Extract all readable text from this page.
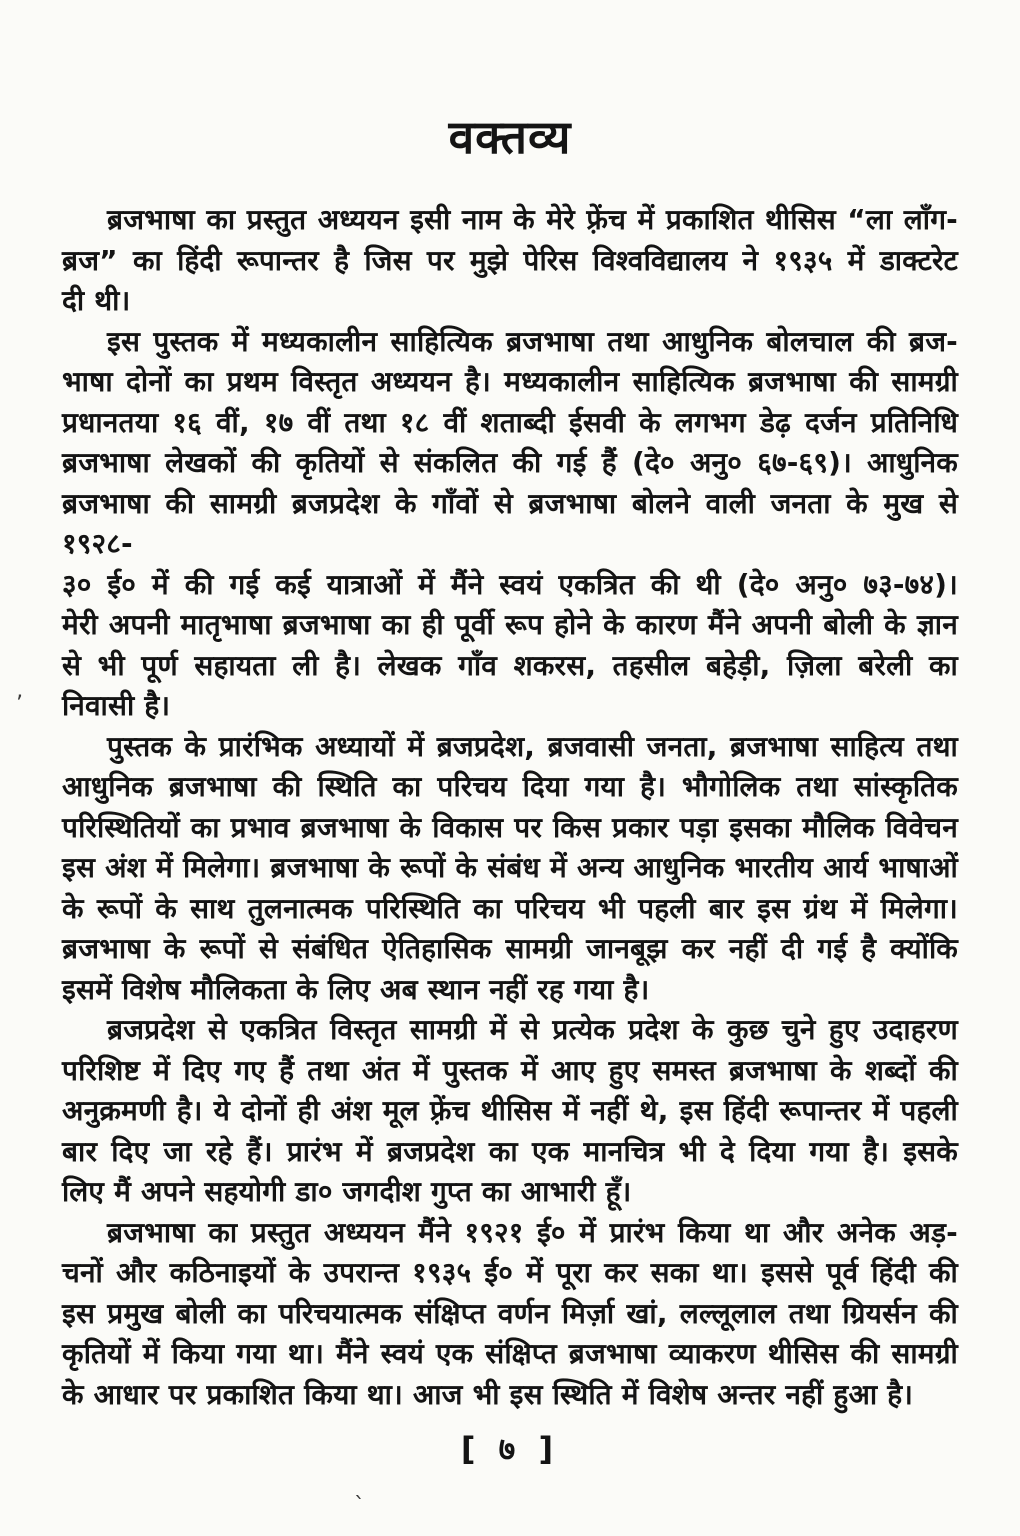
वक्तव्य
ब्रजभाषा का प्रस्तुत अध्ययन इसी नाम के मेरे फ़्रेंच में प्रकाशित थीसिस “ला लाँग-
ब्रज” का हिंदी रूपान्तर है जिस पर मुझे पेरिस विश्वविद्यालय ने १९३५ में डाक्टरेट
दी थी।
इस पुस्तक में मध्यकालीन साहित्यिक ब्रजभाषा तथा आधुनिक बोलचाल की ब्रज-
भाषा दोनों का प्रथम विस्तृत अध्ययन है। मध्यकालीन साहित्यिक ब्रजभाषा की सामग्री
प्रधानतया १६ वीं, १७ वीं तथा १८ वीं शताब्दी ईसवी के लगभग डेढ़ दर्जन प्रतिनिधि
ब्रजभाषा लेखकों की कृतियों से संकलित की गई हैं (दे० अनु० ६७-६९)। आधुनिक
ब्रजभाषा की सामग्री ब्रजप्रदेश के गाँवों से ब्रजभाषा बोलने वाली जनता के मुख से १९२८-
३० ई० में की गई कई यात्राओं में मैंने स्वयं एकत्रित की थी (दे० अनु० ७३-७४)।
मेरी अपनी मातृभाषा ब्रजभाषा का ही पूर्वी रूप होने के कारण मैंने अपनी बोली के ज्ञान
से भी पूर्ण सहायता ली है। लेखक गाँव शकरस, तहसील बहेड़ी, ज़िला बरेली का
निवासी है।
पुस्तक के प्रारंभिक अध्यायों में ब्रजप्रदेश, ब्रजवासी जनता, ब्रजभाषा साहित्य तथा
आधुनिक ब्रजभाषा की स्थिति का परिचय दिया गया है। भौगोलिक तथा सांस्कृतिक
परिस्थितियों का प्रभाव ब्रजभाषा के विकास पर किस प्रकार पड़ा इसका मौलिक विवेचन
इस अंश में मिलेगा। ब्रजभाषा के रूपों के संबंध में अन्य आधुनिक भारतीय आर्य भाषाओं
के रूपों के साथ तुलनात्मक परिस्थिति का परिचय भी पहली बार इस ग्रंथ में मिलेगा।
ब्रजभाषा के रूपों से संबंधित ऐतिहासिक सामग्री जानबूझ कर नहीं दी गई है क्योंकि
इसमें विशेष मौलिकता के लिए अब स्थान नहीं रह गया है।
ब्रजप्रदेश से एकत्रित विस्तृत सामग्री में से प्रत्येक प्रदेश के कुछ चुने हुए उदाहरण
परिशिष्ट में दिए गए हैं तथा अंत में पुस्तक में आए हुए समस्त ब्रजभाषा के शब्दों की
अनुक्रमणी है। ये दोनों ही अंश मूल फ़्रेंच थीसिस में नहीं थे, इस हिंदी रूपान्तर में पहली
बार दिए जा रहे हैं। प्रारंभ में ब्रजप्रदेश का एक मानचित्र भी दे दिया गया है। इसके
लिए मैं अपने सहयोगी डा० जगदीश गुप्त का आभारी हूँ।
ब्रजभाषा का प्रस्तुत अध्ययन मैंने १९२१ ई० में प्रारंभ किया था और अनेक अड़-
चनों और कठिनाइयों के उपरान्त १९३५ ई० में पूरा कर सका था। इससे पूर्व हिंदी की
इस प्रमुख बोली का परिचयात्मक संक्षिप्त वर्णन मिर्ज़ा खां, लल्लूलाल तथा ग्रियर्सन की
कृतियों में किया गया था। मैंने स्वयं एक संक्षिप्त ब्रजभाषा व्याकरण थीसिस की सामग्री
के आधार पर प्रकाशित किया था। आज भी इस स्थिति में विशेष अन्तर नहीं हुआ है।
[ ७ ]
’
`
